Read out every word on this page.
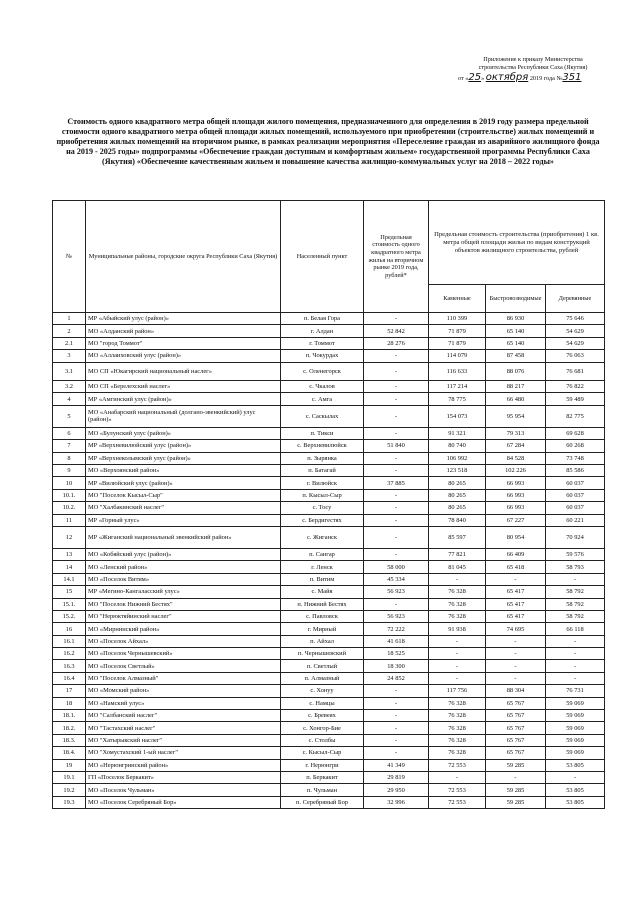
Приложение к приказу Министерства
строительства Республики Саха (Якутия)
от «25» октября 2019 года №351
Стоимость одного квадратного метра общей площади жилого помещения, предназначенного для определения в 2019 году размера предельной стоимости одного квадратного метра общей площади жилых помещений, используемого при приобретении (строительстве) жилых помещений и приобретения жилых помещений на вторичном рынке, в рамках реализации мероприятия «Переселение граждан из аварийного жилищного фонда на 2019 - 2025 годы» подпрограммы «Обеспечение граждан доступным и комфортным жильем» государственной программы Республики Саха (Якутия) «Обеспечение качественным жильем и повышение качества жилищно-коммунальных услуг на 2018 – 2022 годы»
№	Муниципальные районы, городские округа Республики Саха (Якутия)	Населенный пункт	Предельная стоимость одного квадратного метра жилья на вторичном рынке 2019 года, рублей*	Предельная стоимость строительства (приобретения) 1 кв. метра общей площади жилья по видам конструкций объектов жилищного строительства, рублей		
				Каменные	Быстровозводимые	Деревянные
1	МР «Абыйский улус (район)»	п. Белая Гора	-	110 399	86 930	75 646
2	МО «Алданский район»	г. Алдан	52 842	71 879	65 140	54 629
2.1	МО "город Томмот"	г. Томмот	28 276	71 879	65 140	54 629
3	МО «Аллаиховский улус (район)»	п. Чокурдах	-	114 079	87 458	76 063
3.1	МО СП «Юкагирский национальный наслег»	с. Оленегорск	-	116 633	88 076	76 681
3.2	МО СП «Берелехский наслег»	с. Чкалов	-	117 214	88 217	76 822
4	МР «Амгинский улус (район)»	с. Амга	-	78 775	66 480	59 489
5	МО «Анабарский национальный (долгано-эвенкийский) улус (район)»	с. Саскылах	-	154 073	95 954	82 775
6	МО «Булунский улус (район)»	п. Тикси	-	91 321	79 313	69 628
7	МР «Верхневилюйский улус (район)»	с. Верхневилюйск	51 840	80 740	67 284	60 268
8	МР «Верхнеколымский улус (район)»	п. Зырянка	-	106 992	84 528	73 748
9	МО «Верхоянский район»	п. Батагай	-	123 518	102 226	85 586
10	МР «Вилюйский улус (район)»	г. Вилюйск	37 885	80 265	66 993	60 037
10.1.	МО "Поселок Кысыл-Сыр"	п. Кысыл-Сыр	-	80 265	66 993	60 037
10.2.	МО "Халбакинский наслег"	с. Тосу	-	80 265	66 993	60 037
11	МР «Горный улус»	с. Бердигестях	-	78 840	67 227	60 221
12	МР «Жиганский национальный эвенкийский район»	с. Жиганск	-	85 597	80 954	70 924
13	МО «Кобяйский улус (район)»	п. Сангар	-	77 821	66 409	59 576
14	МО «Ленский район»	г. Ленск	58 000	81 045	65 418	58 793
14.1	МО «Поселок Витим»	п. Витим	45 334	-	-	-
15	МР «Мегино-Кангаласский улус»	с. Майя	56 923	76 328	65 417	58 792
15.1.	МО "Поселок Нижний Бестях"	п. Нижний Бестях	-	76 328	65 417	58 792
15.2.	МО "Нерюктяйинский наслег"	с. Павловск	56 923	76 328	65 417	58 792
16	МО «Мирнинский район»	г. Мирный	72 222	91 938	74 695	66 118
16.1	МО «Поселок Айхал»	п. Айхал	41 618	-	-	-
16.2	МО «Поселок Чернышевский»	п. Чернышевский	18 525	-	-	-
16.3	МО «Поселок Светлый»	п. Светлый	18 300	-	-	-
16.4	МО "Поселок Алмазный"	п. Алмазный	24 852	-	-	-
17	МО «Момский район»	с. Хонуу	-	117 756	88 304	76 731
18	МО «Намский улус»	с. Намцы	-	76 328	65 767	59 069
18.1.	МО "Салбанский наслег"	с. Бревеях	-	76 328	65 767	59 069
18.2.	МО "Тастахский наслег"	с. Хонгор-Бие	-	76 328	65 767	59 069
18.3.	МО "Хатырыкский наслег"	с. Столбы	-	76 328	65 767	59 069
18.4.	МО "Хомустахский 1-ый наслег"	с. Кысыл-Сыр	-	76 328	65 767	59 069
19	МО «Нерюнгринский район»	г. Нерюнгри	41 349	72 553	59 285	53 805
19.1	ГП «Поселок Беркакит»	п. Беркакит	29 819	-	-	-
19.2	МО «Поселок Чульман»	п. Чульман	29 950	72 553	59 285	53 805
19.3	МО «Поселок Серебряный Бор»	п. Серебряный Бор	32 996	72 553	59 285	53 805
